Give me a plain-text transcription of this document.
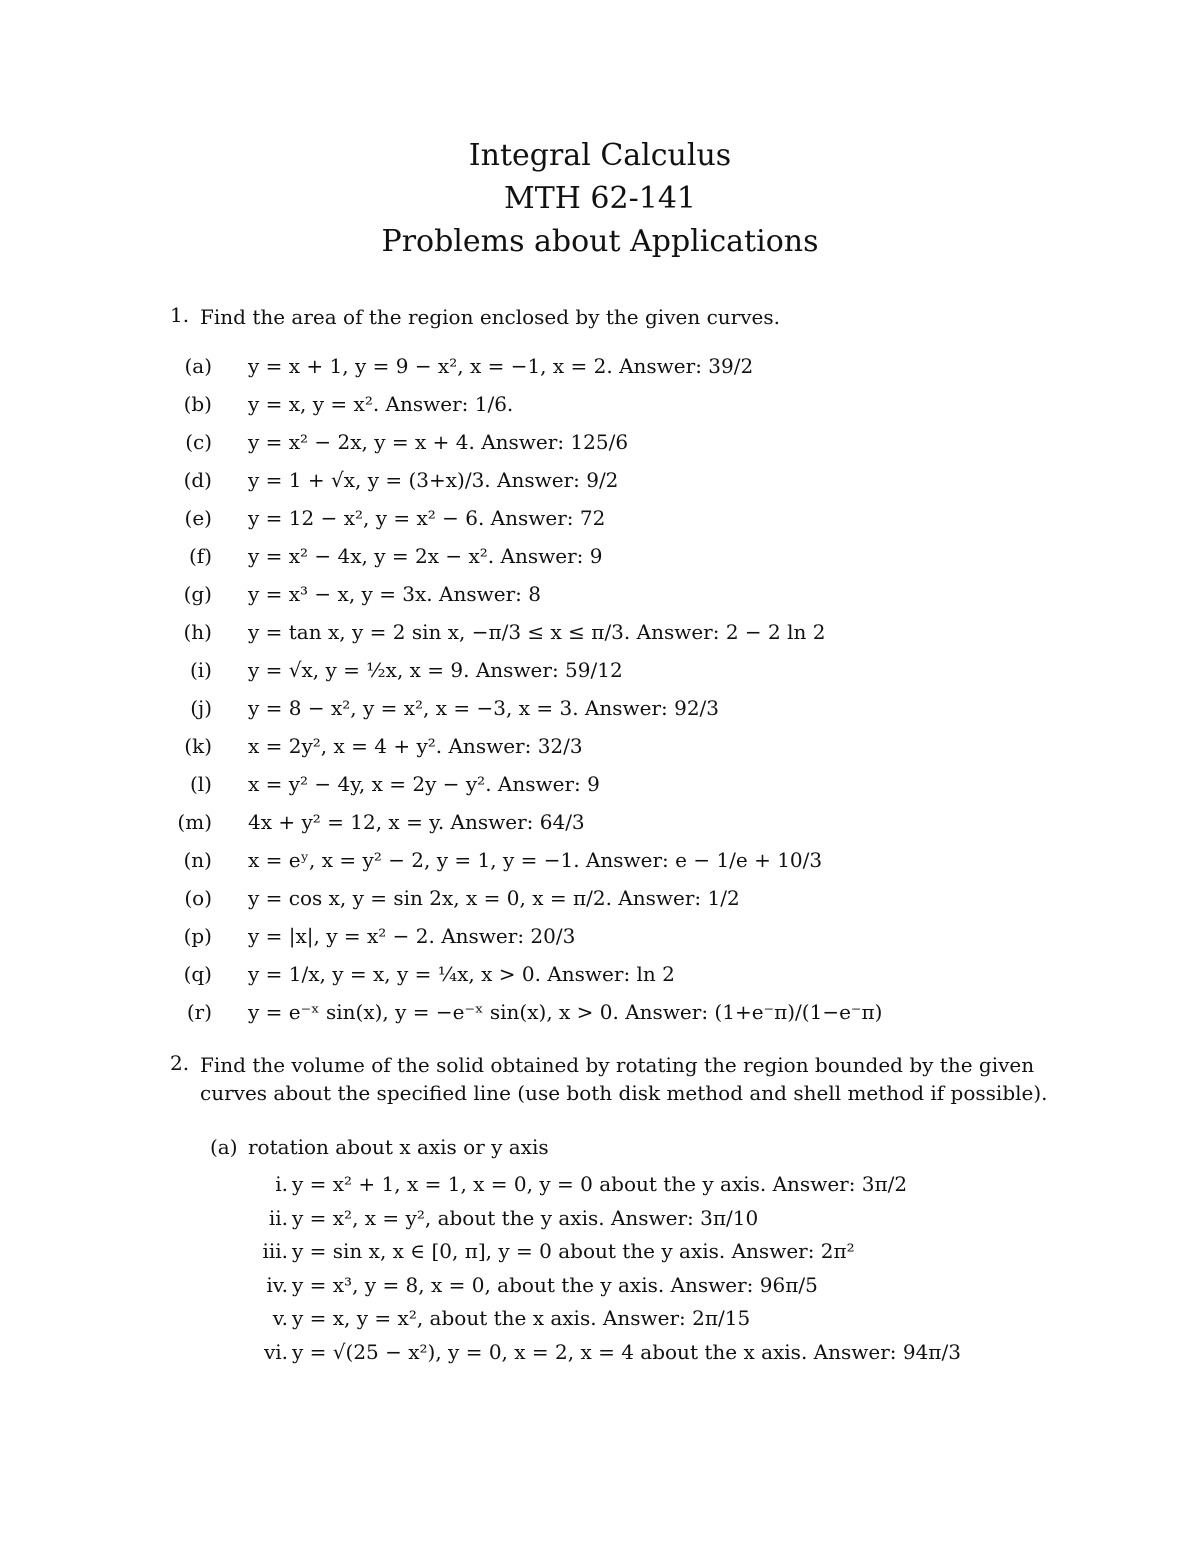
Integral Calculus
MTH 62-141
Problems about Applications
1. Find the area of the region enclosed by the given curves.
(a) y = x + 1, y = 9 − x², x = −1, x = 2. Answer: 39/2
(b) y = x, y = x². Answer: 1/6.
(c) y = x² − 2x, y = x + 4. Answer: 125/6
(d) y = 1 + √x, y = (3+x)/3. Answer: 9/2
(e) y = 12 − x², y = x² − 6. Answer: 72
(f) y = x² − 4x, y = 2x − x². Answer: 9
(g) y = x³ − x, y = 3x. Answer: 8
(h) y = tan x, y = 2 sin x, −π/3 ≤ x ≤ π/3. Answer: 2 − 2 ln 2
(i) y = √x, y = ½x, x = 9. Answer: 59/12
(j) y = 8 − x², y = x², x = −3, x = 3. Answer: 92/3
(k) x = 2y², x = 4 + y². Answer: 32/3
(l) x = y² − 4y, x = 2y − y². Answer: 9
(m) 4x + y² = 12, x = y. Answer: 64/3
(n) x = eʸ, x = y² − 2, y = 1, y = −1. Answer: e − 1/e + 10/3
(o) y = cos x, y = sin 2x, x = 0, x = π/2. Answer: 1/2
(p) y = |x|, y = x² − 2. Answer: 20/3
(q) y = 1/x, y = x, y = ¼x, x > 0. Answer: ln 2
(r) y = e⁻ˣ sin(x), y = −e⁻ˣ sin(x), x > 0. Answer: (1+e⁻π)/(1−e⁻π)
2. Find the volume of the solid obtained by rotating the region bounded by the given curves about the specified line (use both disk method and shell method if possible).
(a) rotation about x axis or y axis
i. y = x² + 1, x = 1, x = 0, y = 0 about the y axis. Answer: 3π/2
ii. y = x², x = y², about the y axis. Answer: 3π/10
iii. y = sin x, x ∈ [0, π], y = 0 about the y axis. Answer: 2π²
iv. y = x³, y = 8, x = 0, about the y axis. Answer: 96π/5
v. y = x, y = x², about the x axis. Answer: 2π/15
vi. y = √(25 − x²), y = 0, x = 2, x = 4 about the x axis. Answer: 94π/3
